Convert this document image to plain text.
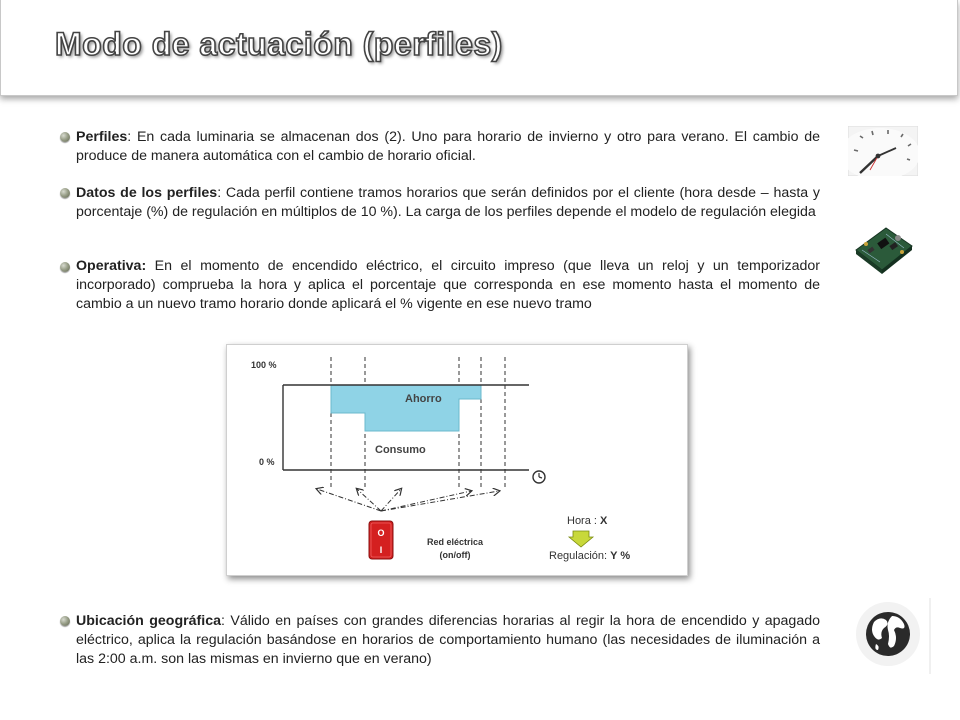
Modo de actuación (perfiles)

Perfiles: En cada luminaria se almacenan dos (2). Uno para horario de invierno y otro para verano. El cambio de produce de manera automática con el cambio de horario oficial.

Datos de los perfiles: Cada perfil contiene tramos horarios que serán definidos por el cliente (hora desde – hasta y porcentaje (%) de regulación en múltiplos de 10 %). La carga de los perfiles depende el modelo de regulación elegida

Operativa: En el momento de encendido eléctrico, el circuito impreso (que lleva un reloj y un temporizador incorporado) comprueba la hora y aplica el porcentaje que corresponda en ese momento hasta el momento de cambio a un nuevo tramo horario donde aplicará el % vigente en ese nuevo tramo

Ubicación geográfica: Válido en países con grandes diferencias horarias al regir la hora de encendido y apagado eléctrico, aplica la regulación basándose en horarios de comportamiento humano (las necesidades de iluminación a las 2:00 a.m. son las mismas en invierno que en verano)

100 %
0 %
Ahorro
Consumo
O
I
Red eléctrica
(on/off)
Hora : X
Regulación: Y %
